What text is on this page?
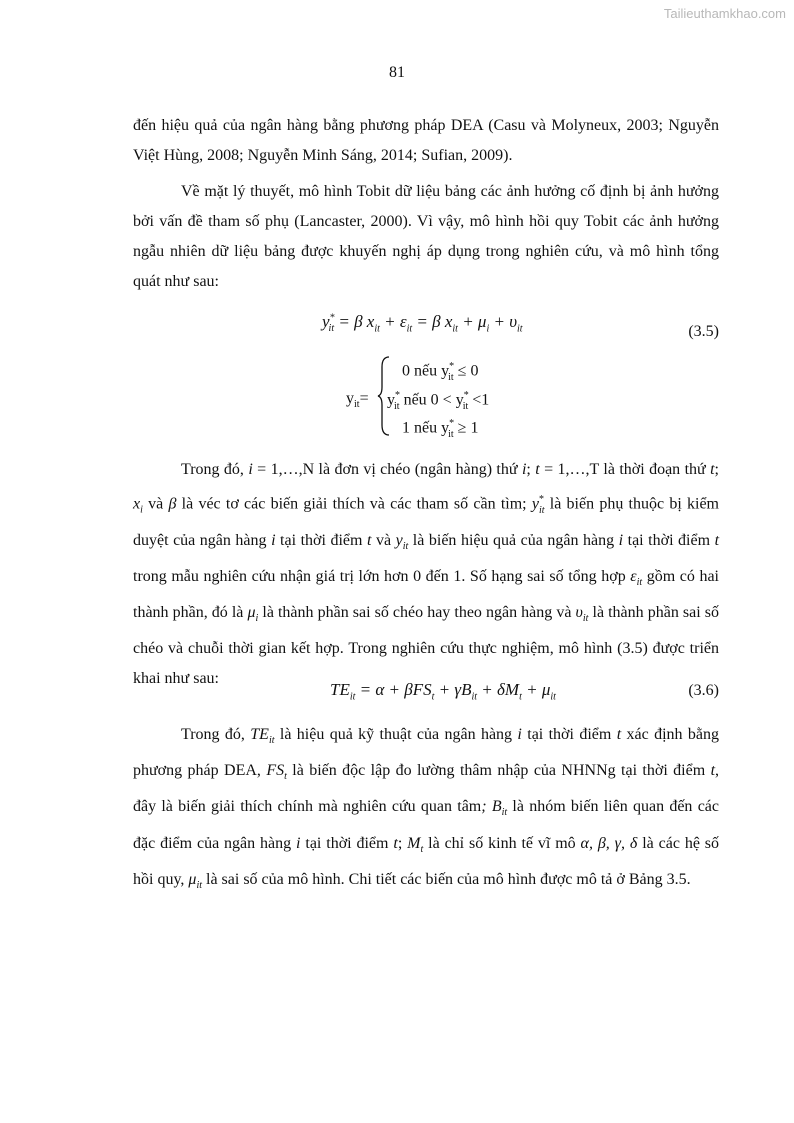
Tailieuthamkhao.com
81

đến hiệu quả của ngân hàng bằng phương pháp DEA (Casu và Molyneux, 2003; Nguyễn Việt Hùng, 2008; Nguyễn Minh Sáng, 2014; Sufian, 2009).

Về mặt lý thuyết, mô hình Tobit dữ liệu bảng các ảnh hưởng cố định bị ảnh hưởng bởi vấn đề tham số phụ (Lancaster, 2000). Vì vậy, mô hình hồi quy Tobit các ảnh hưởng ngẫu nhiên dữ liệu bảng được khuyến nghị áp dụng trong nghiên cứu, và mô hình tổng quát như sau:

$y^*_{it} = \beta$ $x_{it} + \varepsilon_{it} = \beta$ $x_{it} + \mu_i + \upsilon_{it}$	(3.5)
$y_{it}=$
0 nếu $y^*_{it} \le 0$
$y^*_{it}$ nếu $0 < y^*_{it} <1$
1 nếu $y^*_{it} \ge 1$

Trong đó, i = 1,…,N là đơn vị chéo (ngân hàng) thứ i; t = 1,…,T là thời đoạn thứ t; $x_i$ và β là véc tơ các biến giải thích và các tham số cần tìm; $y^*_{it}$ là biến phụ thuộc bị kiểm duyệt của ngân hàng i tại thời điểm t và $y_{it}$ là biến hiệu quả của ngân hàng i tại thời điểm t trong mẫu nghiên cứu nhận giá trị lớn hơn 0 đến 1. Số hạng sai số tổng hợp $\varepsilon_{it}$ gồm có hai thành phần, đó là $\mu_i$ là thành phần sai số chéo hay theo ngân hàng và $\upsilon_{it}$ là thành phần sai số chéo và chuỗi thời gian kết hợp. Trong nghiên cứu thực nghiệm, mô hình (3.5) được triển khai như sau:

$TE_{it} = \alpha + \beta FS_t + \gamma B_{it} + \delta M_t + \mu_{it}$	(3.6)

Trong đó, $TE_{it}$ là hiệu quả kỹ thuật của ngân hàng i tại thời điểm t xác định bằng phương pháp DEA, $FS_t$ là biến độc lập đo lường thâm nhập của NHNNg tại thời điểm t, đây là biến giải thích chính mà nghiên cứu quan tâm; $B_{it}$ là nhóm biến liên quan đến các đặc điểm của ngân hàng i tại thời điểm t; $M_t$ là chỉ số kinh tế vĩ mô α, β, γ, δ là các hệ số hồi quy, $\mu_{it}$ là sai số của mô hình. Chi tiết các biến của mô hình được mô tả ở Bảng 3.5.
